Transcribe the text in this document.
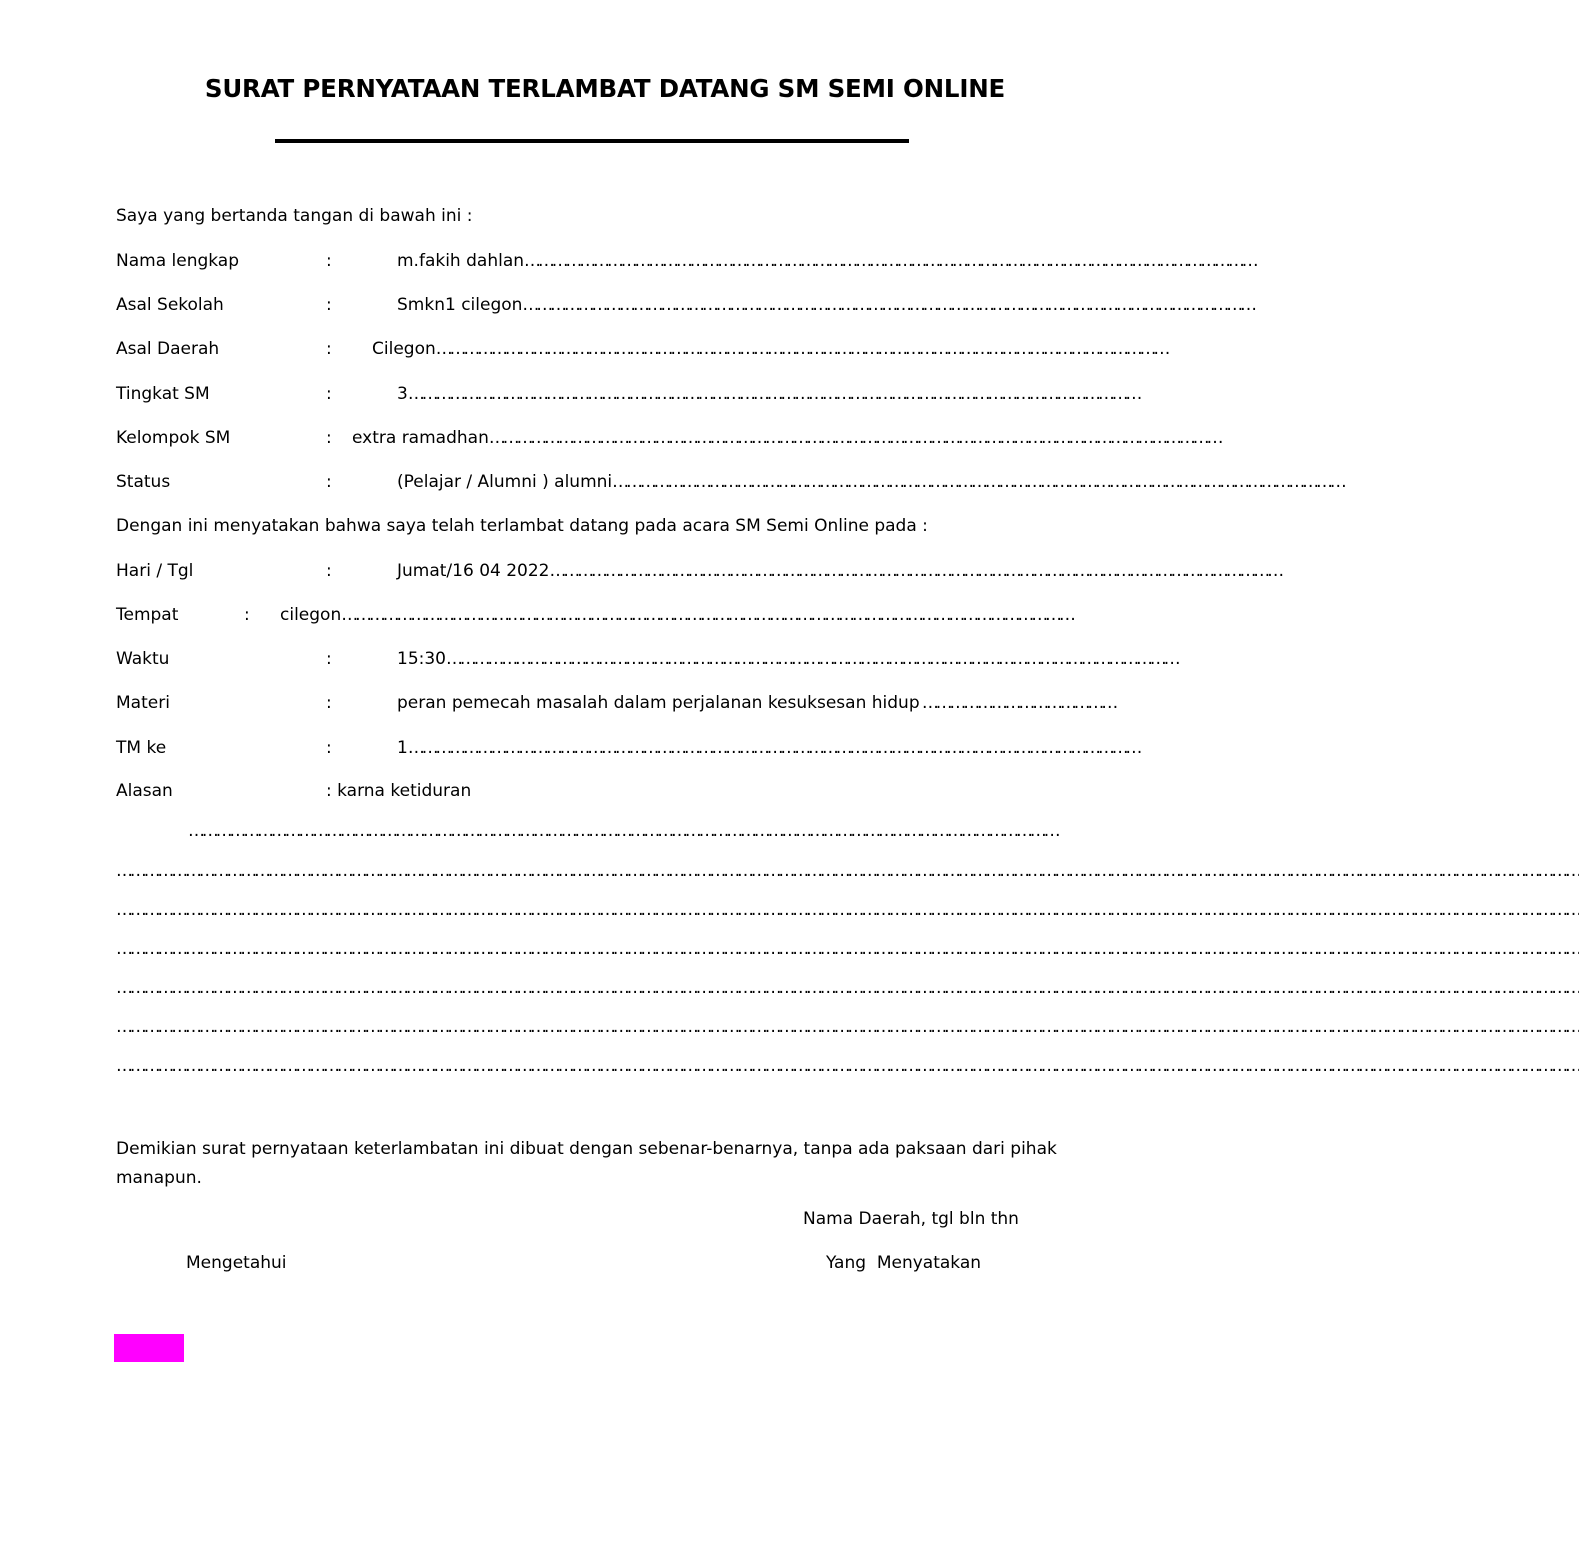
SURAT PERNYATAAN TERLAMBAT DATANG SM SEMI ONLINE
Saya yang bertanda tangan di bawah ini :
Nama lengkap	:	m.fakih dahlan……………………………………………………………………………………………………………………………………………
Asal Sekolah	:	Smkn1 cilegon……………………………………………………………………………………………………………………………………………
Asal Daerah	: Cilegon……………………………………………………………………………………………………………………………………………
Tingkat SM	:	3……………………………………………………………………………………………………………………………………………
Kelompok SM	: extra ramadhan……………………………………………………………………………………………………………………………………………
Status	:	(Pelajar / Alumni ) alumni……………………………………………………………………………………………………………………………………………
Dengan ini menyatakan bahwa saya telah terlambat datang pada acara SM Semi Online pada :
Hari / Tgl	:	Jumat/16 04 2022……………………………………………………………………………………………………………………………………………
Tempat	: cilegon……………………………………………………………………………………………………………………………………………
Waktu	:	15:30……………………………………………………………………………………………………………………………………………
Materi	:	peran pemecah masalah dalam perjalanan kesuksesan hidup ……………………………………
TM ke	:	1……………………………………………………………………………………………………………………………………………
Alasan	: karna ketiduran
………………………………………………………………………………………………………………………………………………………………………
…………………………………………………………………………………………………………………………………………………………………………………………………………………………………………………………………………………………
…………………………………………………………………………………………………………………………………………………………………………………………………………………………………………………………………………………………
…………………………………………………………………………………………………………………………………………………………………………………………………………………………………………………………………………………………
…………………………………………………………………………………………………………………………………………………………………………………………………………………………………………………………………………………………
…………………………………………………………………………………………………………………………………………………………………………………………………………………………………………………………………………………………
…………………………………………………………………………………………………………………………………………………………………………………………………………………………………………………………………………………………
Demikian surat pernyataan keterlambatan ini dibuat dengan sebenar-benarnya, tanpa ada paksaan dari pihak manapun.
Nama Daerah, tgl bln thn
Mengetahui	Yang  Menyatakan
